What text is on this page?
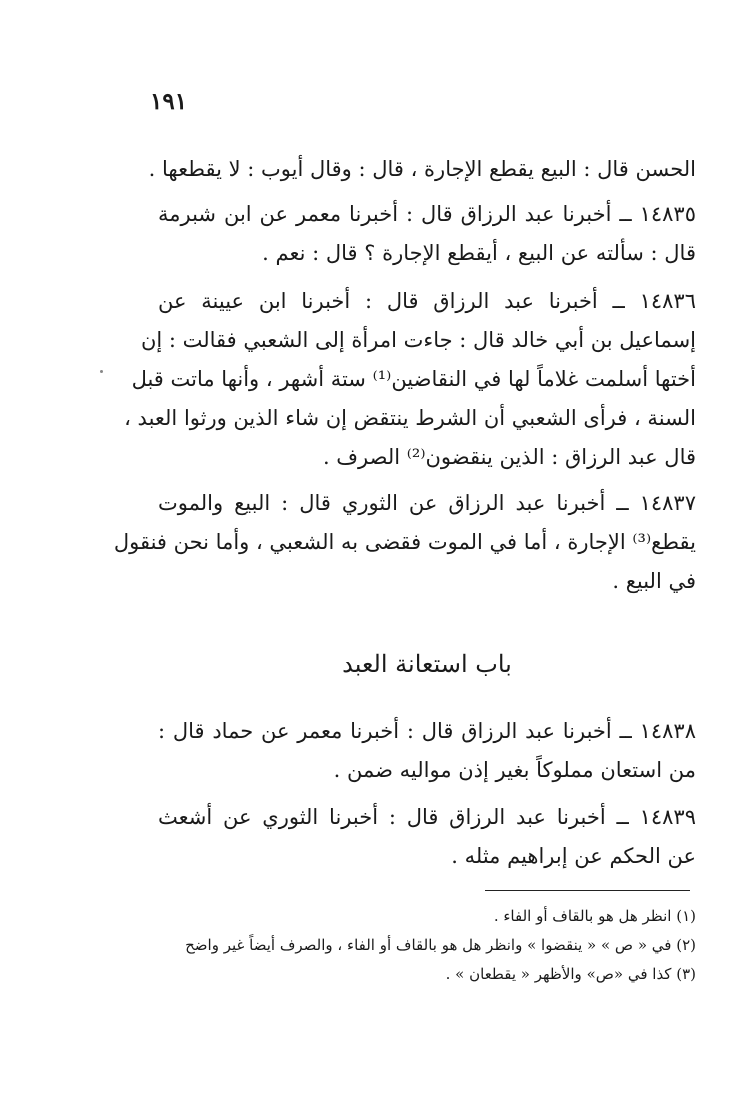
١٩١

الحسن قال : البيع يقطع الإجارة ، قال : وقال أيوب : لا يقطعها .

١٤٨٣٥ ــ أخبرنا عبد الرزاق قال : أخبرنا معمر عن ابن شبرمة
قال : سألته عن البيع ، أيقطع الإجارة ؟ قال : نعم .

١٤٨٣٦ ــ أخبرنا عبد الرزاق قال : أخبرنا ابن عيينة عن
إسماعيل بن أبي خالد قال : جاءت امرأة إلى الشعبي فقالت : إن
أختها أسلمت غلاماً لها في النقاضين⁽¹⁾ ستة أشهر ، وأنها ماتت قبل
السنة ، فرأى الشعبي أن الشرط ينتقض إن شاء الذين ورثوا العبد ،
قال عبد الرزاق : الذين ينقضون⁽²⁾ الصرف .

١٤٨٣٧ ــ أخبرنا عبد الرزاق عن الثوري قال : البيع والموت
يقطع⁽³⁾ الإجارة ، أما في الموت فقضى به الشعبي ، وأما نحن فنقول
في البيع .

باب استعانة العبد

١٤٨٣٨ ــ أخبرنا عبد الرزاق قال : أخبرنا معمر عن حماد قال :
من استعان مملوكاً بغير إذن مواليه ضمن .

١٤٨٣٩ ــ أخبرنا عبد الرزاق قال : أخبرنا الثوري عن أشعث
عن الحكم عن إبراهيم مثله .

(١) انظر هل هو بالقاف أو الفاء .
(٢) في « ص » « ينقضوا » وانظر هل هو بالقاف أو الفاء ، والصرف أيضاً غير واضح
(٣) كذا في «ص» والأظهر « يقطعان » .
